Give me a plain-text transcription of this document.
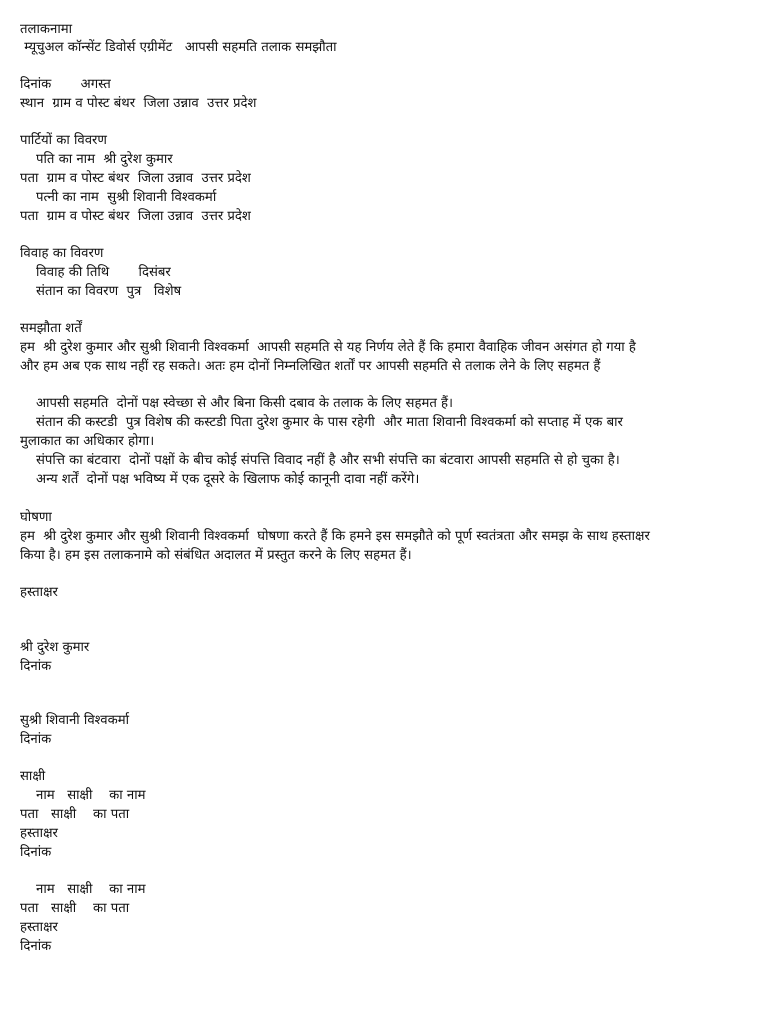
तलाकनामा

म्यूचुअल कॉन्सेंट डिवोर्स एग्रीमेंट   आपसी सहमति तलाक समझौता

दिनांक       अगस्त

स्थान  ग्राम व पोस्ट बंथर  जिला उन्नाव  उत्तर प्रदेश

पार्टियों का विवरण

पति का नाम  श्री दुरेश कुमार

पता  ग्राम व पोस्ट बंथर  जिला उन्नाव  उत्तर प्रदेश

पत्नी का नाम  सुश्री शिवानी विश्वकर्मा

पता  ग्राम व पोस्ट बंथर  जिला उन्नाव  उत्तर प्रदेश

विवाह का विवरण

विवाह की तिथि       दिसंबर

संतान का विवरण  पुत्र   विशेष

समझौता शर्तें

हम  श्री दुरेश कुमार और सुश्री शिवानी विश्वकर्मा  आपसी सहमति से यह निर्णय लेते हैं कि हमारा वैवाहिक जीवन असंगत हो गया है

और हम अब एक साथ नहीं रह सकते। अतः हम दोनों निम्नलिखित शर्तों पर आपसी सहमति से तलाक लेने के लिए सहमत हैं

आपसी सहमति  दोनों पक्ष स्वेच्छा से और बिना किसी दबाव के तलाक के लिए सहमत हैं।

संतान की कस्टडी  पुत्र विशेष की कस्टडी पिता दुरेश कुमार के पास रहेगी  और माता शिवानी विश्वकर्मा को सप्ताह में एक बार

मुलाकात का अधिकार होगा।

संपत्ति का बंटवारा  दोनों पक्षों के बीच कोई संपत्ति विवाद नहीं है और सभी संपत्ति का बंटवारा आपसी सहमति से हो चुका है।

अन्य शर्तें  दोनों पक्ष भविष्य में एक दूसरे के खिलाफ कोई कानूनी दावा नहीं करेंगे।

घोषणा

हम  श्री दुरेश कुमार और सुश्री शिवानी विश्वकर्मा  घोषणा करते हैं कि हमने इस समझौते को पूर्ण स्वतंत्रता और समझ के साथ हस्ताक्षर

किया है। हम इस तलाकनामे को संबंधित अदालत में प्रस्तुत करने के लिए सहमत हैं।

हस्ताक्षर

श्री दुरेश कुमार

दिनांक

सुश्री शिवानी विश्वकर्मा

दिनांक

साक्षी

नाम   साक्षी    का नाम

पता   साक्षी    का पता

हस्ताक्षर

दिनांक

नाम   साक्षी    का नाम

पता   साक्षी    का पता

हस्ताक्षर

दिनांक
